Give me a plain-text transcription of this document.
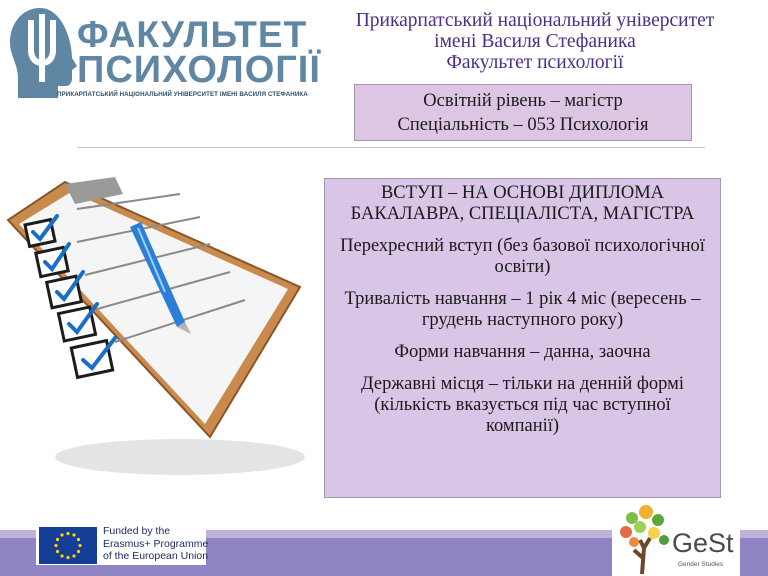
ФАКУЛЬТЕТ
ПСИХОЛОГІЇ
ПРИКАРПАТСЬКИЙ НАЦІОНАЛЬНИЙ УНІВЕРСИТЕТ ІМЕНІ ВАСИЛЯ СТЕФАНИКА
Прикарпатський національний університет
імені Василя Стефаника
Факультет психології
Освітній рівень – магістр
Спеціальність – 053 Психологія

ВСТУП – НА ОСНОВІ ДИПЛОМА БАКАЛАВРА, СПЕЦІАЛІСТА, МАГІСТРА

Перехресний вступ (без базової психологічної освіти)

Тривалість навчання – 1 рік 4 міс (вересень – грудень наступного року)

Форми навчання – данна, заочна

Державні місця – тільки на денній формі (кількість вказується під час вступної компанії)

Funded by the
Erasmus+ Programme
of the European Union	GeSt
Gender Studies
